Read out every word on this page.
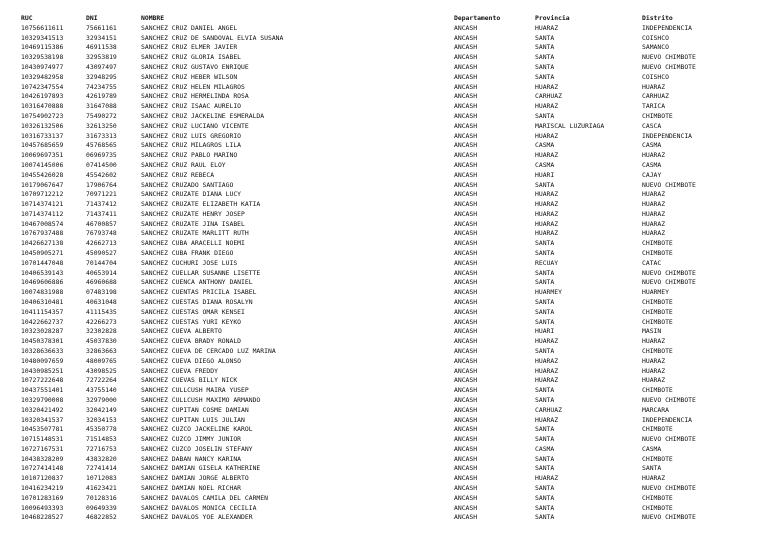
RUC	DNI	NOMBRE	Departamento	Provincia	Distrito
10756611611	75661161	SANCHEZ CRUZ DANIEL ANGEL	ANCASH	HUARAZ	INDEPENDENCIA
10329341513	32934151	SANCHEZ CRUZ DE SANDOVAL ELVIA SUSANA	ANCASH	SANTA	COISHCO
10469115386	46911538	SANCHEZ CRUZ ELMER JAVIER	ANCASH	SANTA	SAMANCO
10329538198	32953819	SANCHEZ CRUZ GLORIA ISABEL	ANCASH	SANTA	NUEVO CHIMBOTE
10430974977	43097497	SANCHEZ CRUZ GUSTAVO ENRIQUE	ANCASH	SANTA	NUEVO CHIMBOTE
10329482958	32948295	SANCHEZ CRUZ HEBER WILSON	ANCASH	SANTA	COISHCO
10742347554	74234755	SANCHEZ CRUZ HELEN MILAGROS	ANCASH	HUARAZ	HUARAZ
10426197893	42619789	SANCHEZ CRUZ HERMELINDA ROSA	ANCASH	CARHUAZ	CARHUAZ
10316470888	31647088	SANCHEZ CRUZ ISAAC AURELIO	ANCASH	HUARAZ	TARICA
10754902723	75490272	SANCHEZ CRUZ JACKELINE ESMERALDA	ANCASH	SANTA	CHIMBOTE
10326132506	32613250	SANCHEZ CRUZ LUCIANO VICENTE	ANCASH	MARISCAL LUZURIAGA	CASCA
10316733137	31673313	SANCHEZ CRUZ LUIS GREGORIO	ANCASH	HUARAZ	INDEPENDENCIA
10457685659	45768565	SANCHEZ CRUZ MILAGROS LILA	ANCASH	CASMA	CASMA
10069697351	06969735	SANCHEZ CRUZ PABLO MARINO	ANCASH	HUARAZ	HUARAZ
10074145006	07414500	SANCHEZ CRUZ RAUL ELOY	ANCASH	CASMA	CASMA
10455426028	45542602	SANCHEZ CRUZ REBECA	ANCASH	HUARI	CAJAY
10179067647	17906764	SANCHEZ CRUZADO SANTIAGO	ANCASH	SANTA	NUEVO CHIMBOTE
10709712212	70971221	SANCHEZ CRUZATE DIANA LUCY	ANCASH	HUARAZ	HUARAZ
10714374121	71437412	SANCHEZ CRUZATE ELIZABETH KATIA	ANCASH	HUARAZ	HUARAZ
10714374112	71437411	SANCHEZ CRUZATE HENRY JOSEP	ANCASH	HUARAZ	HUARAZ
10467008574	46700857	SANCHEZ CRUZATE JINA ISABEL	ANCASH	HUARAZ	HUARAZ
10767937488	76793748	SANCHEZ CRUZATE MARLITT RUTH	ANCASH	HUARAZ	HUARAZ
10426627138	42662713	SANCHEZ CUBA ARACELLI NOEMI	ANCASH	SANTA	CHIMBOTE
10450905271	45090527	SANCHEZ CUBA FRANK DIEGO	ANCASH	SANTA	CHIMBOTE
10701447048	70144704	SANCHEZ CUCHURI JOSE LUIS	ANCASH	RECUAY	CATAC
10406539143	40653914	SANCHEZ CUELLAR SUSANNE LISETTE	ANCASH	SANTA	NUEVO CHIMBOTE
10469606886	46960688	SANCHEZ CUENCA ANTHONY DANIEL	ANCASH	SANTA	NUEVO CHIMBOTE
10074831988	07483198	SANCHEZ CUENTAS PRICILA ISABEL	ANCASH	HUARMEY	HUARMEY
10406310481	40631048	SANCHEZ CUESTAS DIANA ROSALYN	ANCASH	SANTA	CHIMBOTE
10411154357	41115435	SANCHEZ CUESTAS OMAR KENSEI	ANCASH	SANTA	CHIMBOTE
10422662737	42266273	SANCHEZ CUESTAS YURI KEYKO	ANCASH	SANTA	CHIMBOTE
10323028287	32302828	SANCHEZ CUEVA ALBERTO	ANCASH	HUARI	MASIN
10450378301	45037830	SANCHEZ CUEVA BRADY RONALD	ANCASH	HUARAZ	HUARAZ
10328636633	32863663	SANCHEZ CUEVA DE CERCADO LUZ MARINA	ANCASH	SANTA	CHIMBOTE
10480097659	48009765	SANCHEZ CUEVA DIEGO ALONSO	ANCASH	HUARAZ	HUARAZ
10430985251	43098525	SANCHEZ CUEVA FREDDY	ANCASH	HUARAZ	HUARAZ
10727222648	72722264	SANCHEZ CUEVAS BILLY NICK	ANCASH	HUARAZ	HUARAZ
10437551401	43755140	SANCHEZ CULLCUSH MAIRA YUSEP	ANCASH	SANTA	CHIMBOTE
10329790008	32979000	SANCHEZ CULLCUSH MAXIMO ARMANDO	ANCASH	SANTA	NUEVO CHIMBOTE
10320421492	32042149	SANCHEZ CUPITAN COSME DAMIAN	ANCASH	CARHUAZ	MARCARA
10320341537	32034153	SANCHEZ CUPITAN LUIS JULIAN	ANCASH	HUARAZ	INDEPENDENCIA
10453507781	45350778	SANCHEZ CUZCO JACKELINE KAROL	ANCASH	SANTA	CHIMBOTE
10715148531	71514853	SANCHEZ CUZCO JIMMY JUNIOR	ANCASH	SANTA	NUEVO CHIMBOTE
10727167531	72716753	SANCHEZ CUZCO JOSELIN STEFANY	ANCASH	CASMA	CASMA
10438328209	43832820	SANCHEZ DABAN NANCY KARINA	ANCASH	SANTA	CHIMBOTE
10727414148	72741414	SANCHEZ DAMIAN GISELA KATHERINE	ANCASH	SANTA	SANTA
10107120837	10712083	SANCHEZ DAMIAN JORGE ALBERTO	ANCASH	HUARAZ	HUARAZ
10416234219	41623421	SANCHEZ DAMIAN NOEL RICHAR	ANCASH	SANTA	NUEVO CHIMBOTE
10701283169	70128316	SANCHEZ DAVALOS CAMILA DEL CARMEN	ANCASH	SANTA	CHIMBOTE
10096493393	09649339	SANCHEZ DAVALOS MONICA CECILIA	ANCASH	SANTA	CHIMBOTE
10468228527	46822852	SANCHEZ DAVALOS YOE ALEXANDER	ANCASH	SANTA	NUEVO CHIMBOTE
